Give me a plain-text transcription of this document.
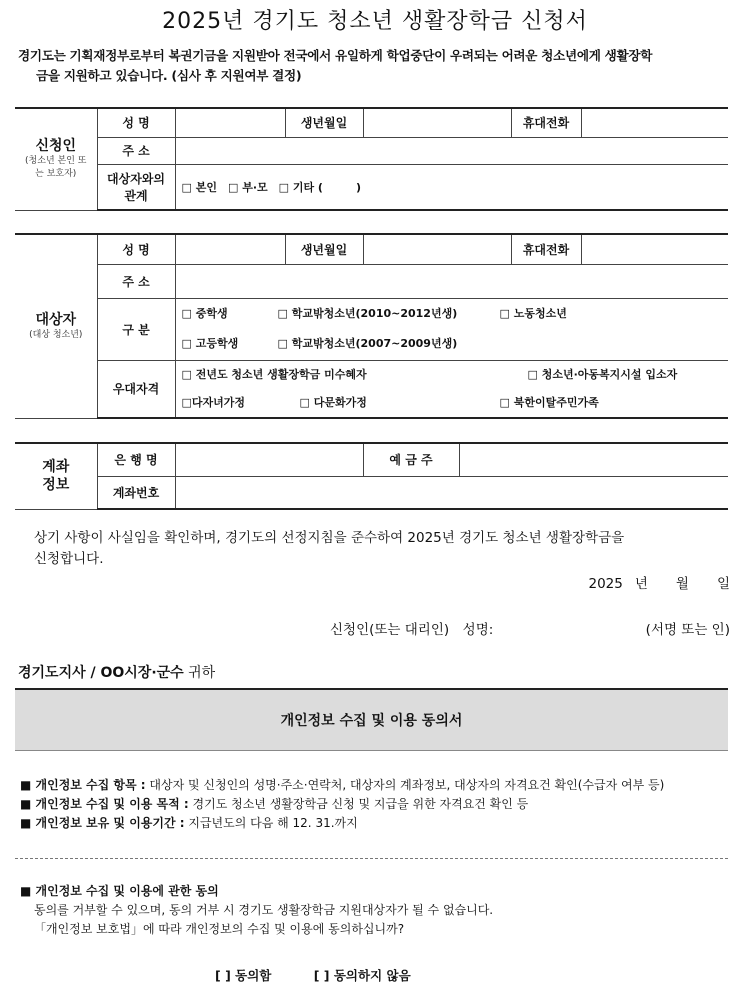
2025년 경기도 청소년 생활장학금 신청서
경기도는 기획재정부로부터 복권기금을 지원받아 전국에서 유일하게 학업중단이 우려되는 어려운 청소년에게 생활장학
금을 지원하고 있습니다. (심사 후 지원여부 결정)
신청인
(청소년 본인 또는 보호자)	성 명		생년월일		휴대전화	
	주 소					
	대상자와의 관계	□ 본인　□ 부·모　□ 기타 (　　　)				
대상자
(대상 청소년)	성 명		생년월일		휴대전화	
	주 소					
	구 분	□ 중학생 □ 학교밖청소년(2010~2012년생) □ 노동청소년
□ 고등학생 □ 학교밖청소년(2007~2009년생)				

	우대자격	□ 전년도 청소년 생활장학금 미수혜자 □ 청소년·아동복지시설 입소자
□다자녀가정 □ 다문화가정 □ 북한이탈주민가족				
계좌 정보	은 행 명		예 금 주	
	계좌번호			
상기 사항이 사실임을 확인하며, 경기도의 선정지침을 준수하여 2025년 경기도 청소년 생활장학금을 신청합니다.
2025 년 월 일
신청인(또는 대리인)　성명:	(서명 또는 인)
경기도지사 / OO시장·군수 귀하
개인정보 수집 및 이용 동의서
■ 개인정보 수집 항목 : 대상자 및 신청인의 성명·주소·연락처, 대상자의 계좌정보, 대상자의 자격요건 확인(수급자 여부 등)
■ 개인정보 수집 및 이용 목적 : 경기도 청소년 생활장학금 신청 및 지급을 위한 자격요건 확인 등
■ 개인정보 보유 및 이용기간 : 지급년도의 다음 해 12. 31.까지
■ 개인정보 수집 및 이용에 관한 동의
동의를 거부할 수 있으며, 동의 거부 시 경기도 생활장학금 지원대상자가 될 수 없습니다.
「개인정보 보호법」에 따라 개인정보의 수집 및 이용에 동의하십니까?
[ ] 동의함	[ ] 동의하지 않음
